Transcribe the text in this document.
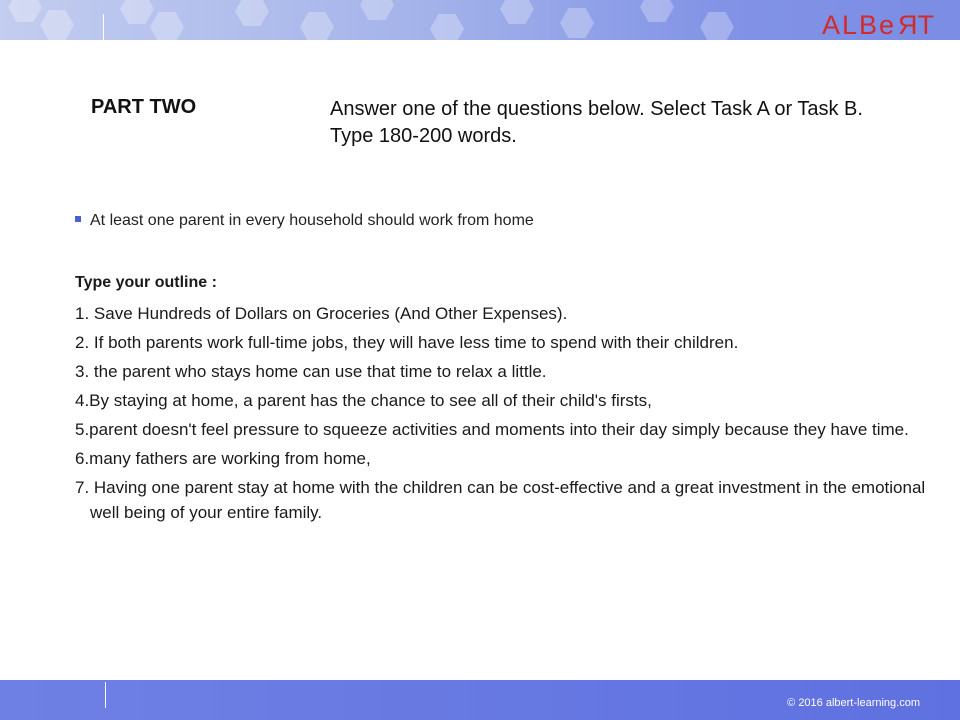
ALBeRT
PART TWO	Answer one of the questions below. Select Task A or Task B. Type 180-200 words.
At least one parent in every household should work from home
Type your outline :
1. Save Hundreds of Dollars on Groceries (And Other Expenses).
2. If both parents work full-time jobs, they will have less time to spend with their children.
3. the parent who stays home can use that time to relax a little.
4.By staying at home, a parent has the chance to see all of their child's firsts,
5.parent doesn't feel pressure to squeeze activities and moments into their day simply because they have time.
6.many fathers are working from home,
7. Having one parent stay at home with the children can be cost-effective and a great investment in the emotional well being of your entire family.
© 2016 albert-learning.com
